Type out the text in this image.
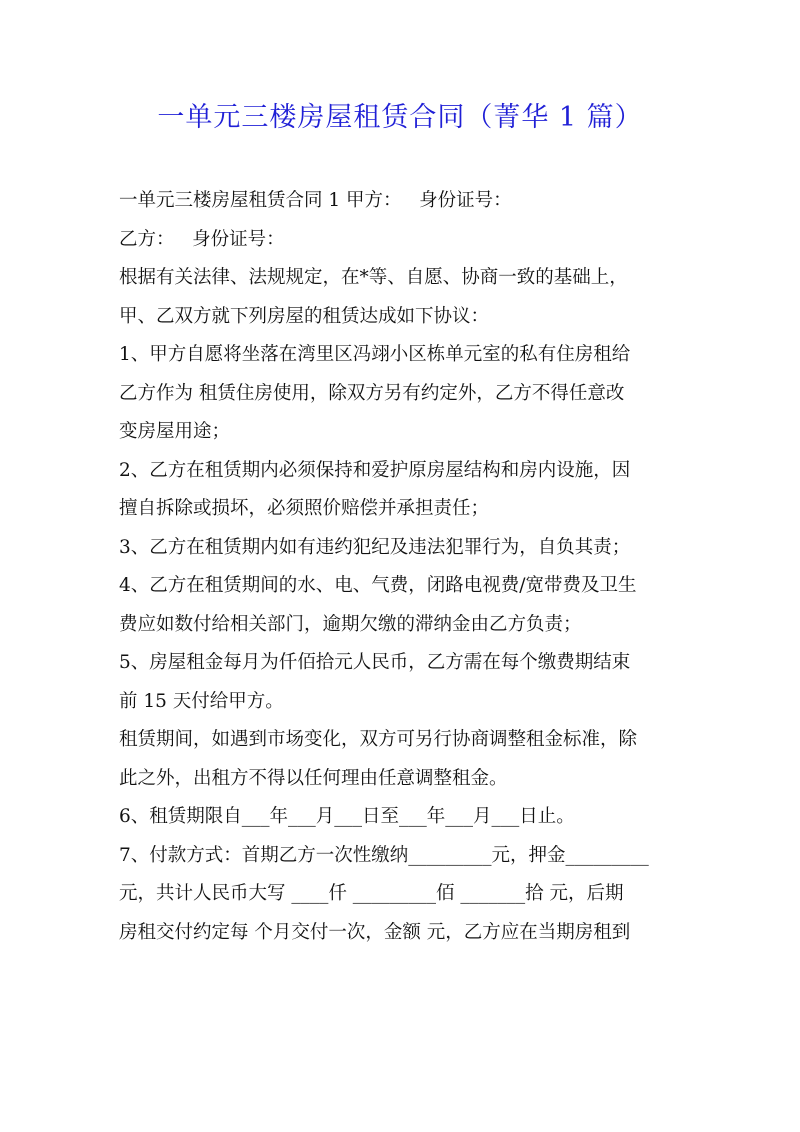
一单元三楼房屋租赁合同（菁华 1 篇）
一单元三楼房屋租赁合同 1 甲方：   身份证号：
乙方：   身份证号：
根据有关法律、法规规定，在*等、自愿、协商一致的基础上，
甲、乙双方就下列房屋的租赁达成如下协议：
1、甲方自愿将坐落在湾里区冯翊小区栋单元室的私有住房租给
乙方作为 租赁住房使用，除双方另有约定外，乙方不得任意改
变房屋用途；
2、乙方在租赁期内必须保持和爱护原房屋结构和房内设施，因
擅自拆除或损坏，必须照价赔偿并承担责任；
3、乙方在租赁期内如有违约犯纪及违法犯罪行为，自负其责；
4、乙方在租赁期间的水、电、气费，闭路电视费/宽带费及卫生
费应如数付给相关部门，逾期欠缴的滞纳金由乙方负责；
5、房屋租金每月为仟佰拾元人民币，乙方需在每个缴费期结束
前 15 天付给甲方。
租赁期间，如遇到市场变化，双方可另行协商调整租金标准，除
此之外，出租方不得以任何理由任意调整租金。
6、租赁期限自___年___月___日至___年___月___日止。
7、付款方式：首期乙方一次性缴纳_________元，押金_________
元，共计人民币大写 ____仟 _________佰 _______拾 元，后期
房租交付约定每 个月交付一次，金额 元，乙方应在当期房租到
